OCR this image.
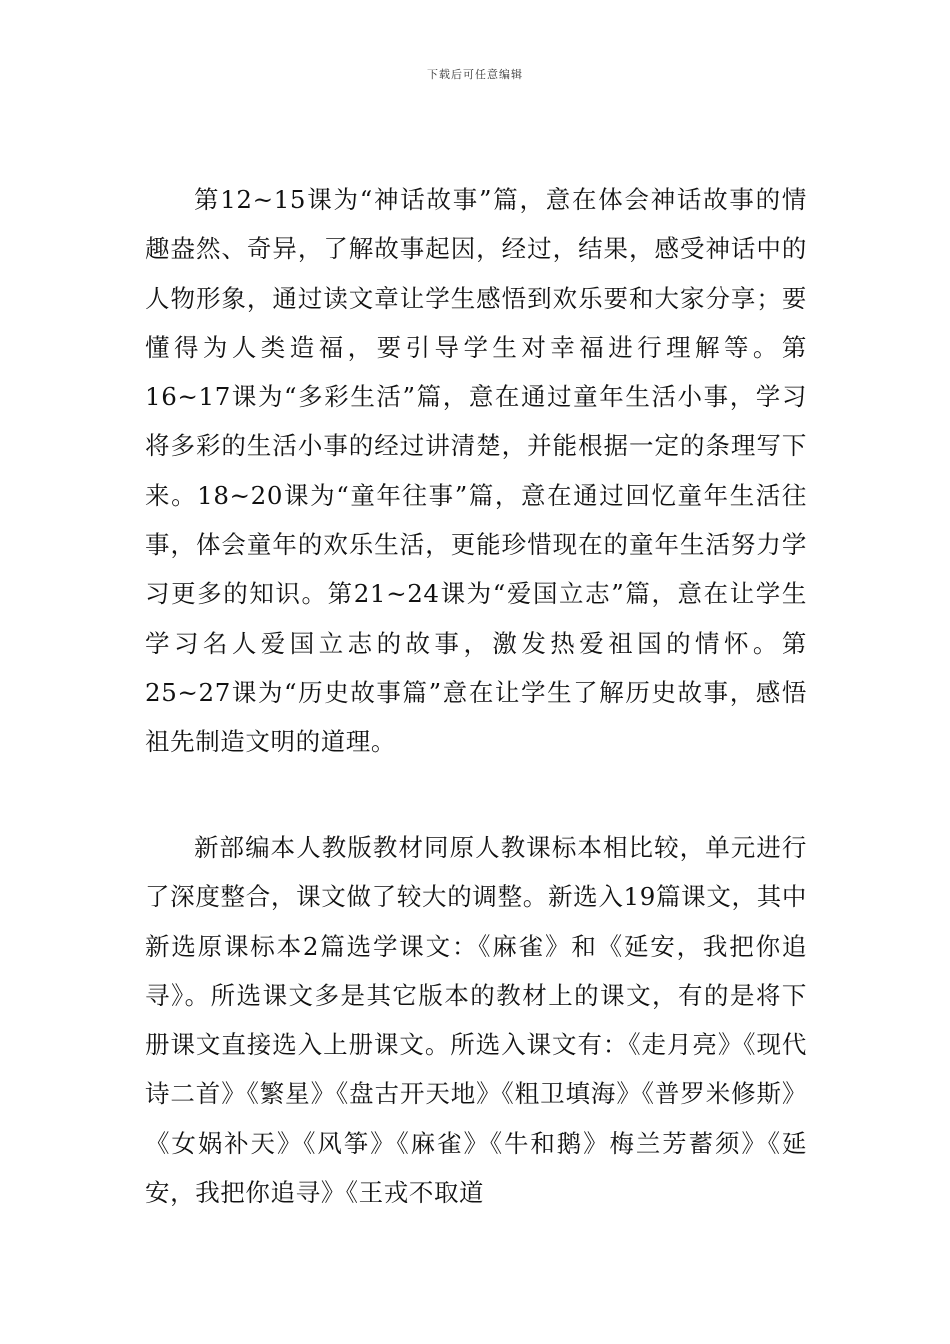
下载后可任意编辑

第12~15课为“神话故事”篇，意在体会神话故事的情趣盎然、奇异，了解故事起因，经过，结果，感受神话中的人物形象，通过读文章让学生感悟到欢乐要和大家分享；要懂得为人类造福，要引导学生对幸福进行理解等。第16~17课为“多彩生活”篇，意在通过童年生活小事，学习将多彩的生活小事的经过讲清楚，并能根据一定的条理写下来。18~20课为“童年往事”篇，意在通过回忆童年生活往事，体会童年的欢乐生活，更能珍惜现在的童年生活努力学习更多的知识。第21~24课为“爱国立志”篇，意在让学生学习名人爱国立志的故事，激发热爱祖国的情怀。第25~27课为“历史故事篇”意在让学生了解历史故事，感悟祖先制造文明的道理。

新部编本人教版教材同原人教课标本相比较，单元进行了深度整合，课文做了较大的调整。新选入19篇课文，其中新选原课标本2篇选学课文：《麻雀》和《延安，我把你追寻》。所选课文多是其它版本的教材上的课文，有的是将下册课文直接选入上册课文。所选入课文有：《走月亮》《现代诗二首》《繁星》《盘古开天地》《粗卫填海》《普罗米修斯》《女娲补天》《风筝》《麻雀》《牛和鹅》梅兰芳蓄须》《延安，我把你追寻》《王戎不取道
